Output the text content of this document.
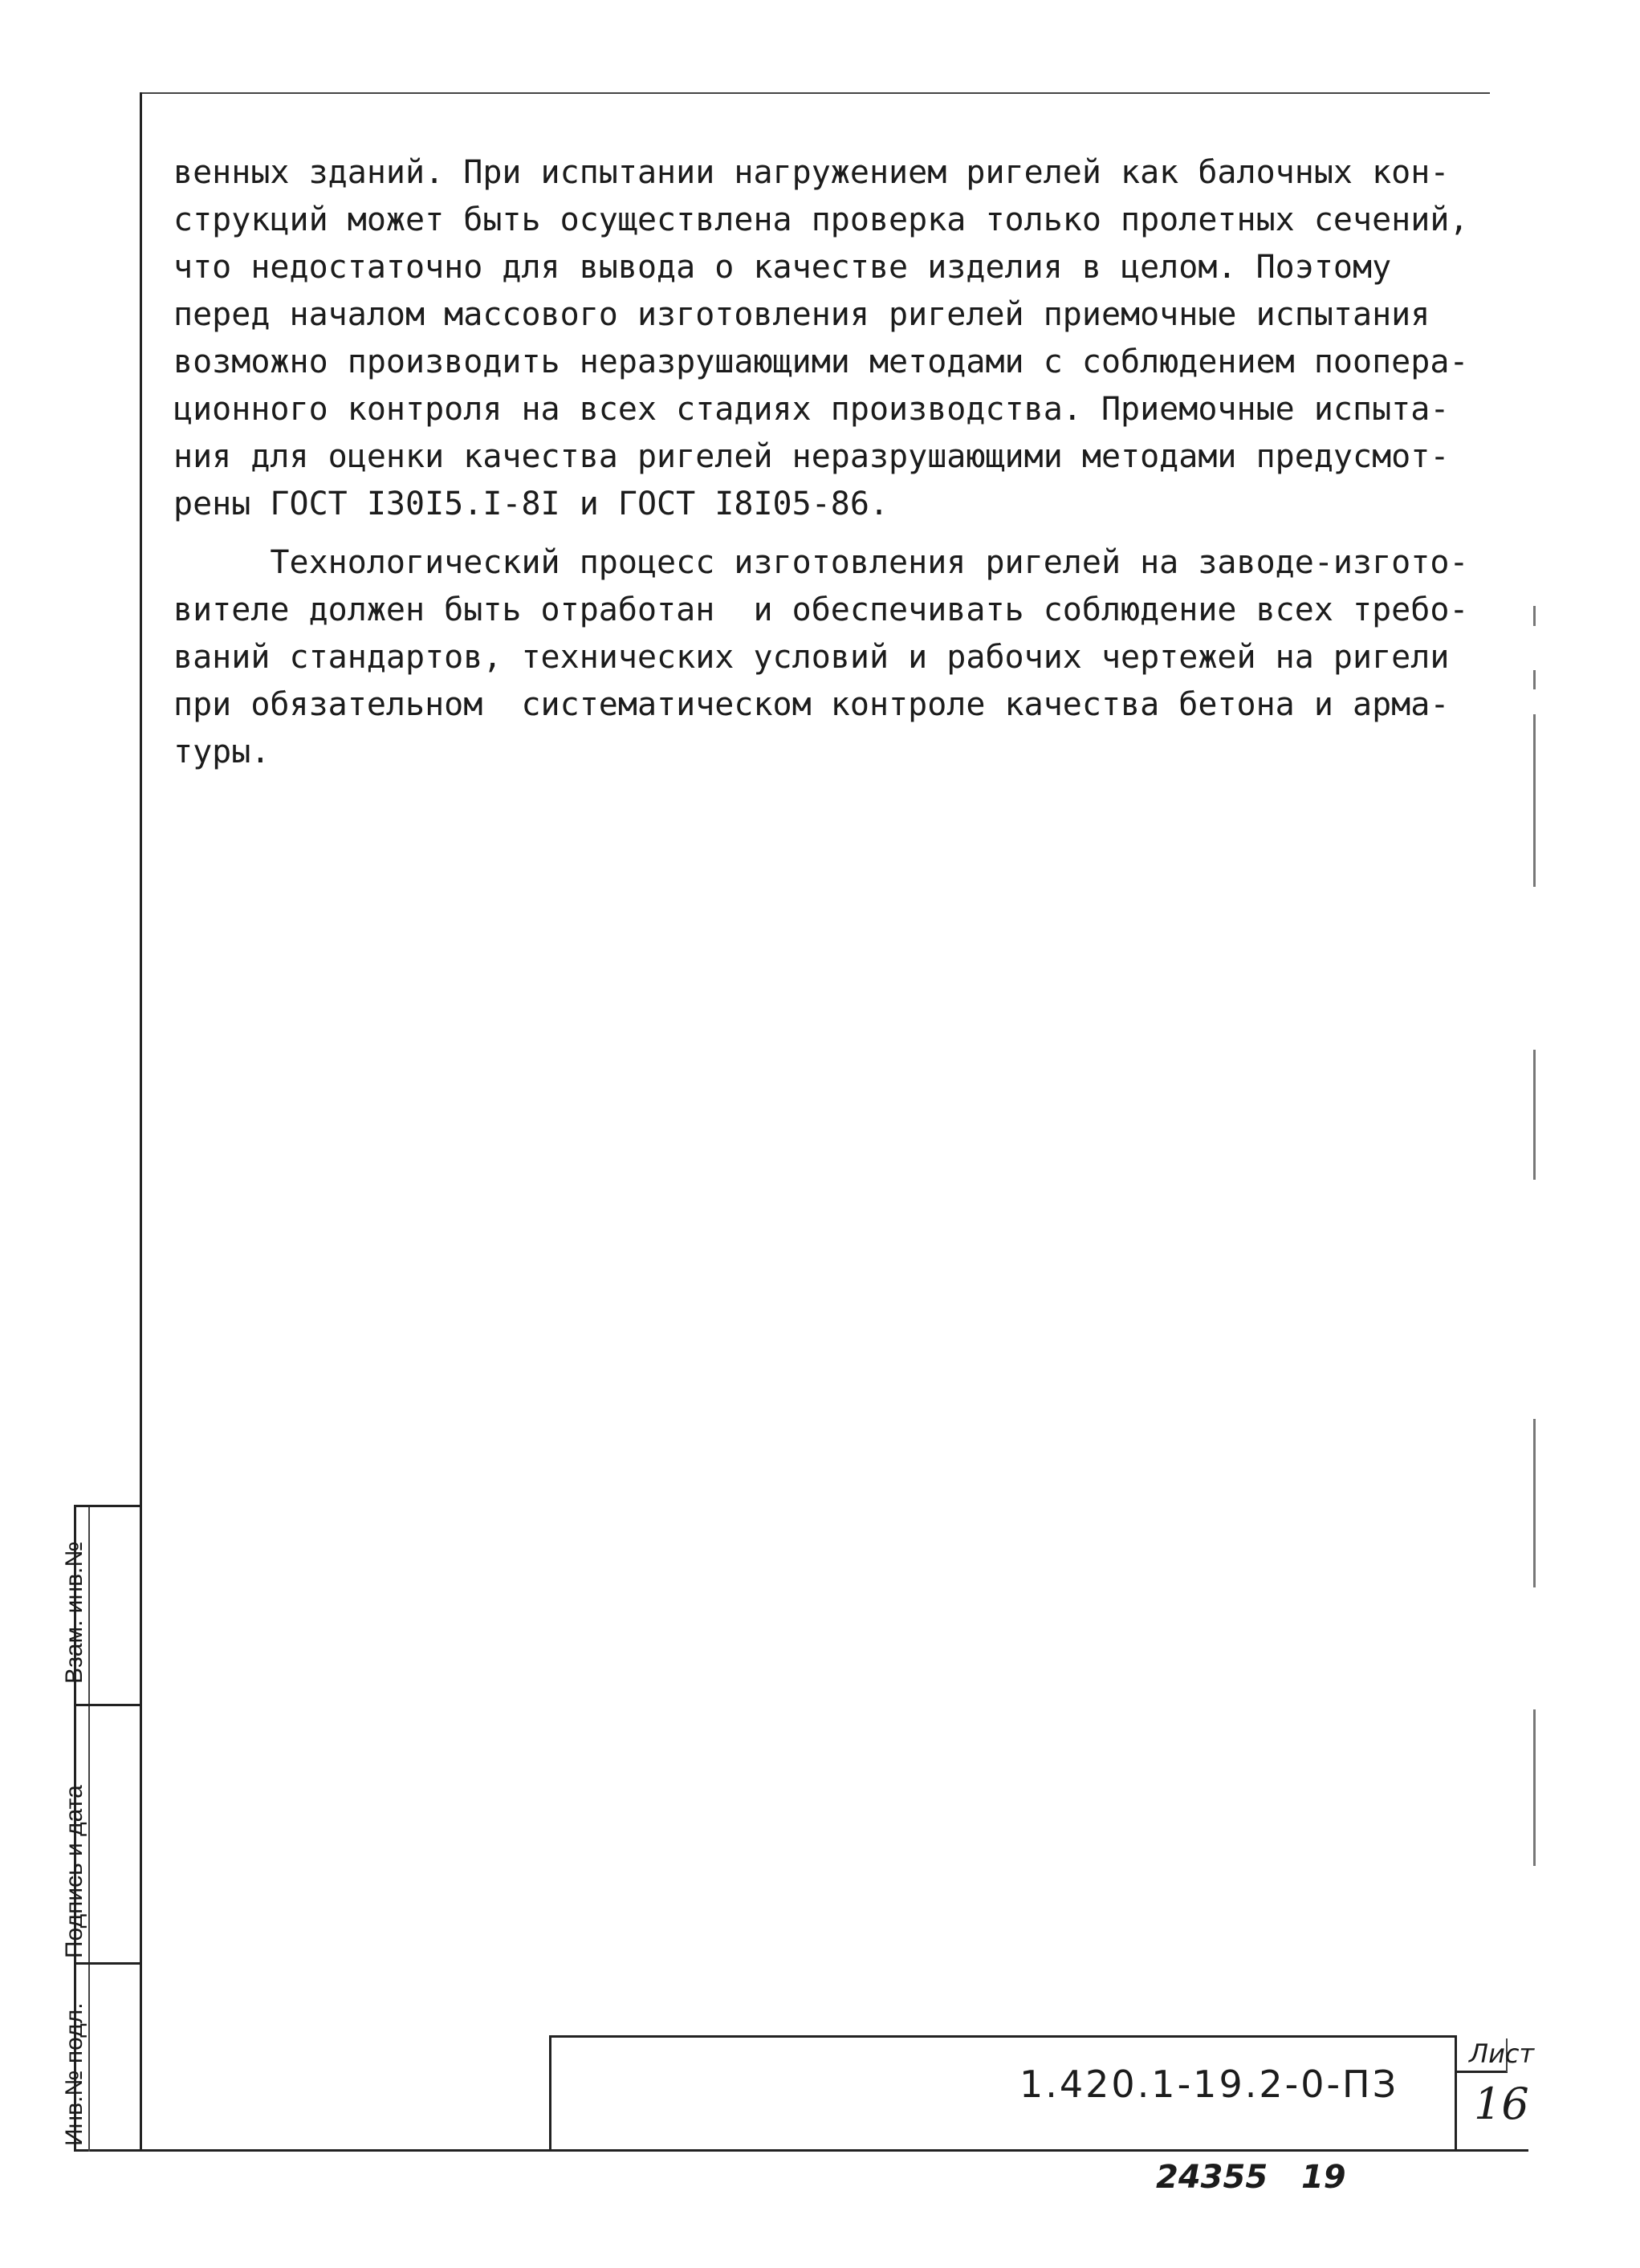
венных зданий. При испытании нагружением ригелей как балочных кон-
струкций может быть осуществлена проверка только пролетных сечений,
что недостаточно для вывода о качестве изделия в целом. Поэтому
перед началом массового изготовления ригелей приемочные испытания
возможно производить неразрушающими методами с соблюдением поопера-
ционного контроля на всех стадиях производства. Приемочные испыта-
ния для оценки качества ригелей неразрушающими методами предусмот-
рены ГОСТ I30I5.I-8I и ГОСТ I8I05-86.
Технологический процесс изготовления ригелей на заводе-изгото-
вителе должен быть отработан  и обеспечивать соблюдение всех требо-
ваний стандартов, технических условий и рабочих чертежей на ригели
при обязательном  систематическом контроле качества бетона и арма-
туры.
Инв.№ подл.
Подпись и дата
Взам. инв.№
1.420.1-19.2-0-ПЗ
Лист
16
24355   19
